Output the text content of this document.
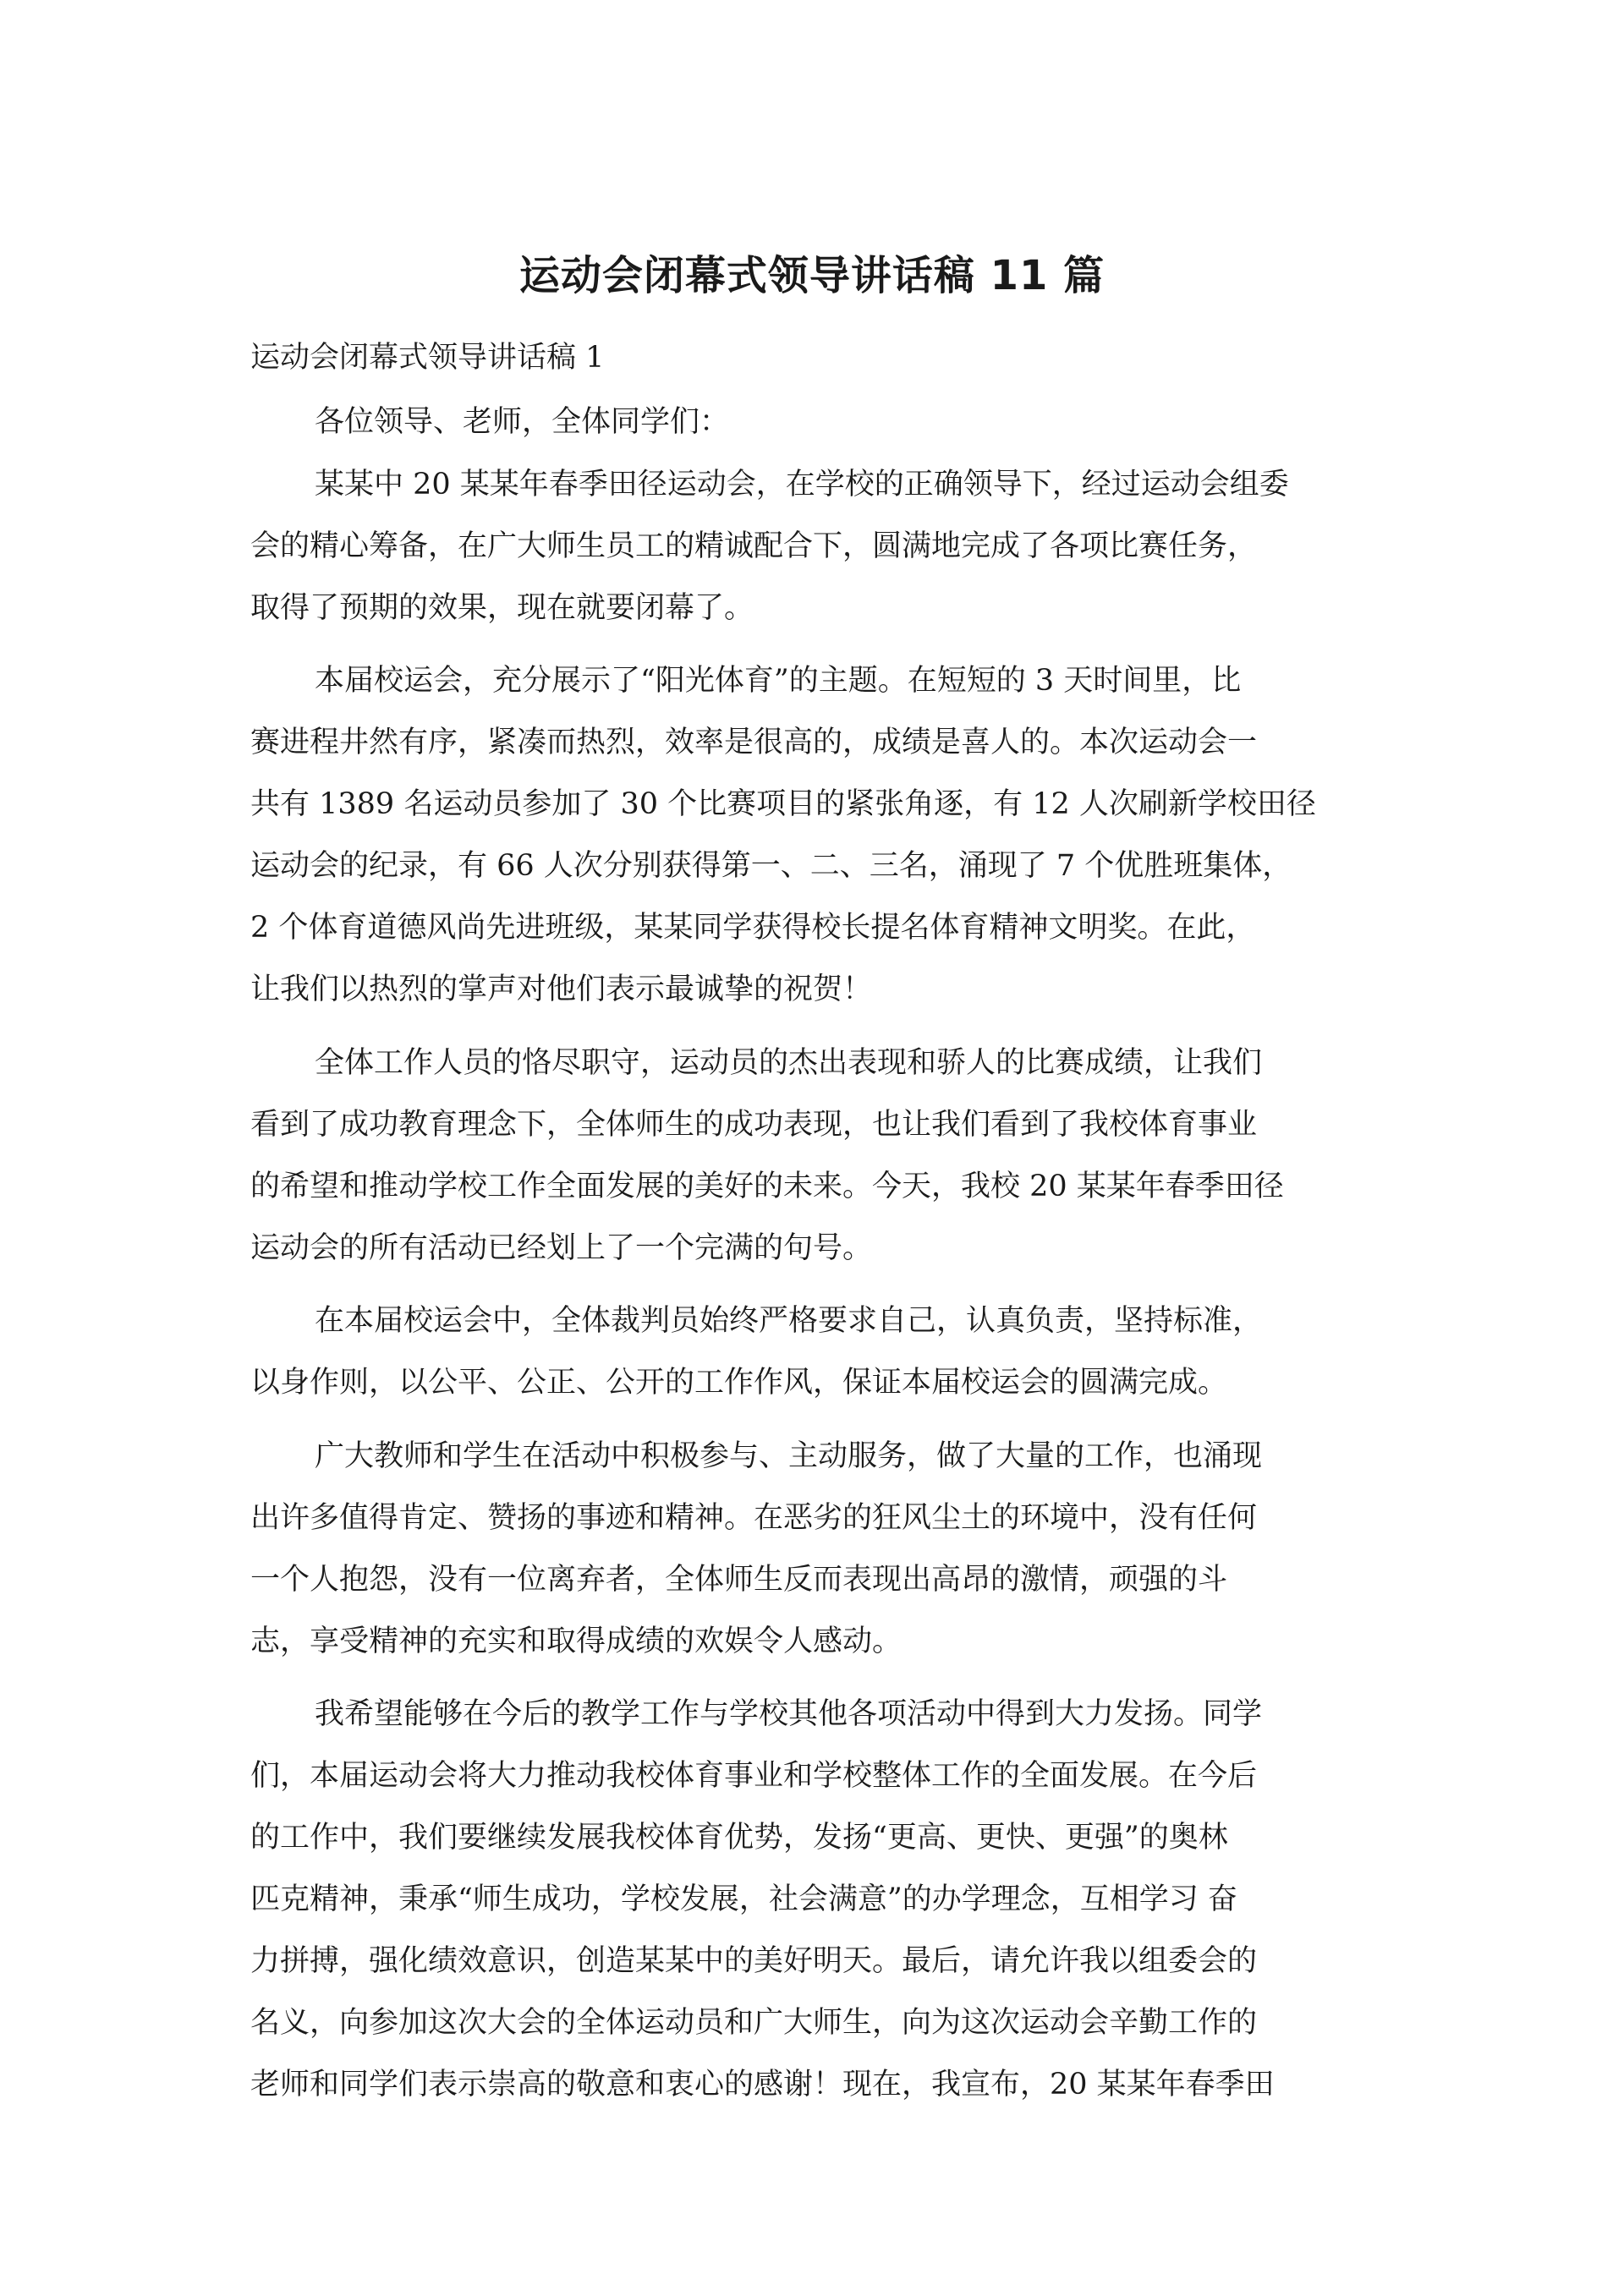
运动会闭幕式领导讲话稿 11 篇

运动会闭幕式领导讲话稿 1

各位领导、老师，全体同学们：

某某中 20 某某年春季田径运动会，在学校的正确领导下，经过运动会组委

会的精心筹备，在广大师生员工的精诚配合下，圆满地完成了各项比赛任务，

取得了预期的效果，现在就要闭幕了。

本届校运会，充分展示了“阳光体育”的主题。在短短的 3 天时间里，比

赛进程井然有序，紧凑而热烈，效率是很高的，成绩是喜人的。本次运动会一

共有 1389 名运动员参加了 30 个比赛项目的紧张角逐，有 12 人次刷新学校田径

运动会的纪录，有 66 人次分别获得第一、二、三名，涌现了 7 个优胜班集体，

2 个体育道德风尚先进班级，某某同学获得校长提名体育精神文明奖。在此，

让我们以热烈的掌声对他们表示最诚挚的祝贺！

全体工作人员的恪尽职守，运动员的杰出表现和骄人的比赛成绩，让我们

看到了成功教育理念下，全体师生的成功表现，也让我们看到了我校体育事业

的希望和推动学校工作全面发展的美好的未来。今天，我校 20 某某年春季田径

运动会的所有活动已经划上了一个完满的句号。

在本届校运会中，全体裁判员始终严格要求自己，认真负责，坚持标准，

以身作则，以公平、公正、公开的工作作风，保证本届校运会的圆满完成。

广大教师和学生在活动中积极参与、主动服务，做了大量的工作，也涌现

出许多值得肯定、赞扬的事迹和精神。在恶劣的狂风尘土的环境中，没有任何

一个人抱怨，没有一位离弃者，全体师生反而表现出高昂的激情，顽强的斗

志，享受精神的充实和取得成绩的欢娱令人感动。

我希望能够在今后的教学工作与学校其他各项活动中得到大力发扬。同学

们，本届运动会将大力推动我校体育事业和学校整体工作的全面发展。在今后

的工作中，我们要继续发展我校体育优势，发扬“更高、更快、更强”的奥林

匹克精神，秉承“师生成功，学校发展，社会满意”的办学理念，互相学习 奋

力拼搏，强化绩效意识，创造某某中的美好明天。最后，请允许我以组委会的

名义，向参加这次大会的全体运动员和广大师生，向为这次运动会辛勤工作的

老师和同学们表示崇高的敬意和衷心的感谢！现在，我宣布，20 某某年春季田
